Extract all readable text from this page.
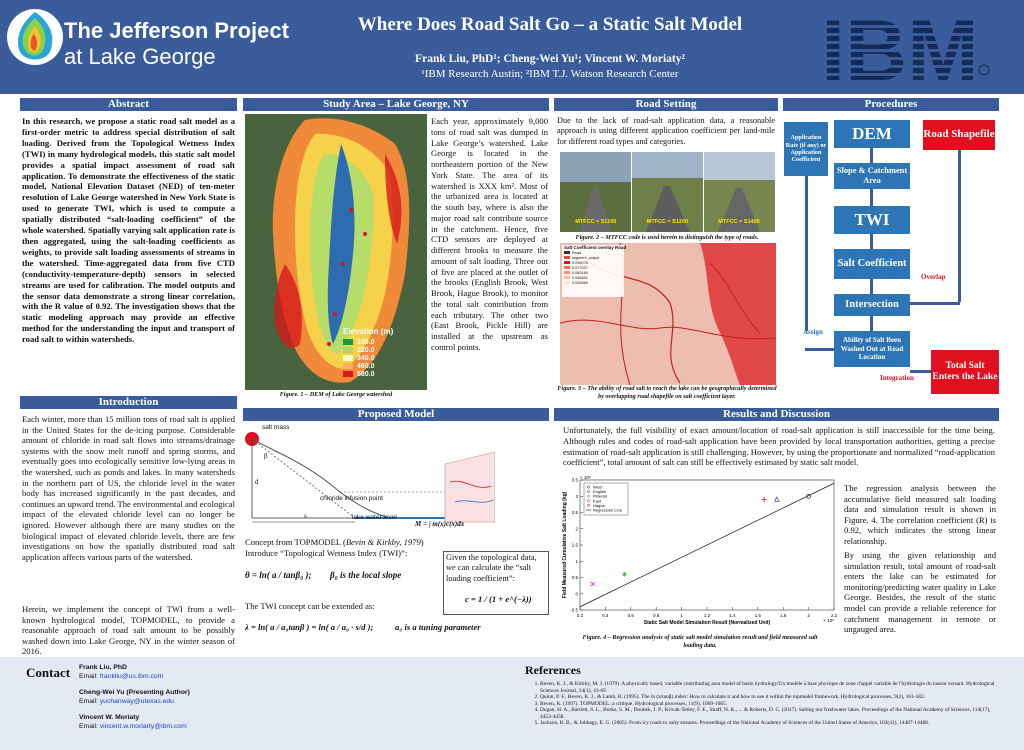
The Jefferson Project
at Lake George
Where Does Road Salt Go – a Static Salt Model
Frank Liu, PhD¹; Cheng-Wei Yu¹; Vincent W. Moriaty²
¹IBM Research Austin; ²IBM T.J. Watson Research Center	IBM
Abstract
In this research, we propose a static road salt model as a first-order metric to address special distribution of salt loading. Derived from the Topological Wetness Index (TWI) in many hydrological models, this static salt model provides a spatial impact assessment of road salt application. To demonstrate the effectiveness of the static model, National Elevation Dataset (NED) of ten-meter resolution of Lake George watershed in New York State is used to generate TWI, which is used to compute a spatially distributed “salt-loading coefficient” of the whole watershed. Spatially varying salt application rate is then aggregated, using the salt-loading coefficients as weights, to provide salt loading assessments of streams in the watershed. Time-aggregated data from five CTD (conductivity-temperature-depth) sensors in selected streams are used for calibration. The model outputs and the sensor data demonstrate a strong linear correlation, with the R value of 0.92. The investigation shows that the static modeling approach may provide an effective method for the understanding the input and transport of road salt to within watersheds.
Introduction
Each winter, more than 15 million tons of road salt is applied in the United States for the de-icing purpose. Considerable amount of chloride in road salt flows into streams/drainage systems with the snow melt runoff and spring storms, and eventually goes into ecologically sensitive low-lying areas in the watershed, such as ponds and lakes. In many watersheds in the northern part of US, the chloride level in the water body has increased significantly in the past decades, and continues an upward trend. The environmental and ecological impact of the elevated chloride level can no longer be ignored. However although there are many studies on the biological impact of elevated chloride levels, there are few investigations on how the spatially distributed road salt application affects various parts of the watershed.
Herein, we implement the concept of TWI from a well-known hydrological model, TOPMODEL, to provide a reasonable approach of road salt amount to be possibly washed down into Lake George, NY in the winter season of 2016.
Study Area – Lake George, NY
Elevation (m)
100.0
220.0
340.0
460.0
580.0
Figure. 1 – DEM of Lake George watershed
Each year, approximately 9,000 tons of road salt was dumped in Lake George’s watershed. Lake George is located in the northeastern portion of the New York State. The area of its watershed is XXX km². Most of the urbanized area is located at the south bay, where is also the major road salt contribute source in the catchment. Hence, five CTD sensors are deployed at different brooks to measure the amount of salt loading. Three out of five are placed at the outlet of the brooks (English Brook, West Brook, Hague Brook), to monitor the total salt contribution from each tributary. The other two (East Brook, Pickle Hill) are installed at the upstream as control points.
Road Setting
Due to the lack of road-salt application data, a reasonable approach is using different application coefficient per land-mile for different road types and categories.
MTFCC = S1100	MTFCC = S1200	MTFCC = S1400
Figure. 2 – MTFCC code is used herein to distinguish the type of roads.
Salt Coefficient overlay Road
Road
segment_output
0.096076
0.077027
0.060184
0.046651
0.026960
Figure. 3 – The ability of road salt to reach the lake can be geographically determined by overlapping road shapefile on salt coefficient layer.
Procedures
Application Rate (if any) or Application Coefficient
DEM	Road Shapefile
Slope & Catchment Area
TWI
Salt Coefficient
Intersection
Ability of Salt Been Washed Out at Road Location
Total Salt Enters the Lake
Overlap
Assign
Integration
Proposed Model
salt mass
β
d
s
chloride infusion point
lake water level
M = ∫ m(x)c(x)dx
Concept from TOPMODEL (Bevin & Kirkby, 1979)
Introduce “Topological Wetness Index (TWI)”:
θ = ln( a / tanβ₀ ); β₀ is the local slope
The TWI concept can be extended as:
λ = ln( a / a₀tanβ ) = ln( a / a₀ · s/d );	a₀ is a tuning parameter
Given the topological data, we can calculate the “salt loading coefficient”:
c = 1 / (1 + e^(−λ))
Results and Discussion
Unfortunately, the full visibility of exact amount/location of road-salt application is still inaccessible for the time being. Although rules and codes of road-salt application have been provided by local transportation authorities, getting a precise estimation of road-salt application is still challenging. However, by using the proportionate and normalized “road-application coefficient”, total amount of salt can still be effectively estimated by static salt model.
0.2	0.4	0.6	0.8	1	1.2	1.4	1.6	1.8	2	2.2
-0.5
0
0.5
1
1.5
2
2.5
3
3.5
Static Salt Model Simulation Result (Normalized Unit)
Field Measured Cumulative Salt Loading (kg)
× 10⁶
× 10⁵
West
English
Pickerel
East
Hague
Regression Line
Figure. 4 – Regression analysis of static salt model simulation result and field measured salt loading data.
The regression analysis between the accumulative field measured salt loading data and simulation result is shown in Figure. 4. The correlation coefficient (R) is 0.92, which indicates the strong linear relationship.
By using the given relationship and simulation result, total amount of road-salt enters the lake can be estimated for monitoring/predicting water quality in Lake George. Besides, the result of the static model can provide a reliable reference for catchment management in remote or ungauged area.
Contact Frank Liu, PhD
Email: frankliu@us.ibm.com
Cheng-Wei Yu (Presenting Author)
Email: yuchanway@utexas.edu
Vincent W. Moriaty
Email: vincent.w.moriarty@ibm.com
References
1. Beven, K. J., & Kirkby, M. J. (1979). A physically based, variable contributing area model of basin hydrology/Un modèle à base physique de zone d'appel variable de l'hydrologie du bassin versant. Hydrological Sciences Journal, 24(1), 43-69.
2. Quinn, P. F., Beven, K. J., & Lamb, R. (1995). The ln (a/tanβ) index: How to calculate it and how to use it within the topmodel framework. Hydrological processes, 9(2), 161-182.
3. Beven, K. (1997). TOPMODEL: a critique. Hydrological processes, 11(9), 1069-1085.
4. Dugan, H. A., Bartlett, S. L., Burke, S. M., Doubek, J. P., Krivak-Tetley, F. E., Skaff, N. K., ... & Roberts, D. C. (2017). Salting our freshwater lakes. Proceedings of the National Academy of Sciences, 114(17), 4453-4458.
5. Jackson, R. B., & Jobbagy, E. G. (2005). From icy roads to salty streams. Proceedings of the National Academy of Sciences of the United States of America, 102(41), 14487-14488.
